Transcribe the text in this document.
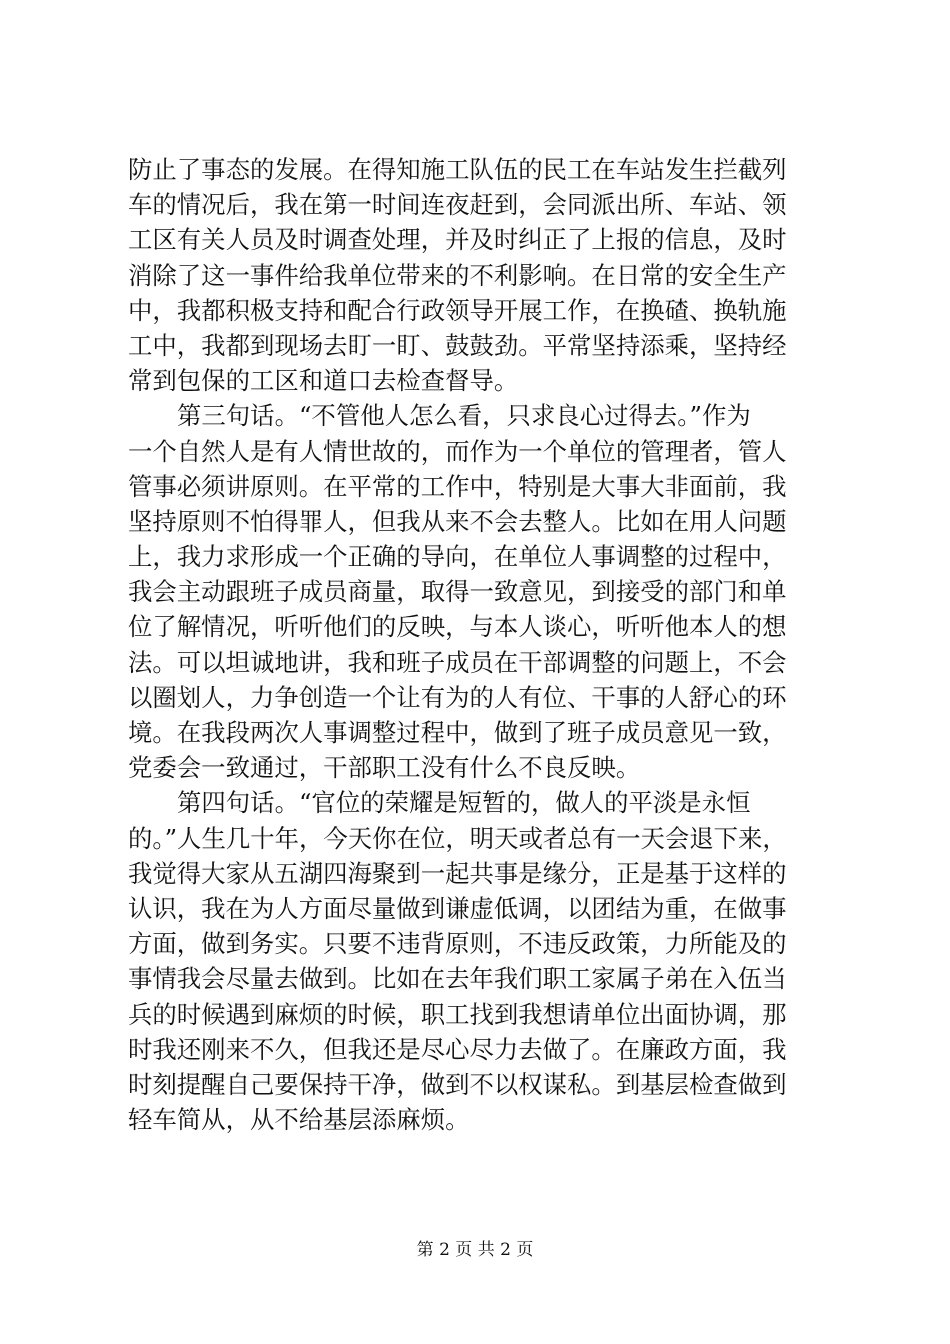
防止了事态的发展。在得知施工队伍的民工在车站发生拦截列
车的情况后，我在第一时间连夜赶到，会同派出所、车站、领
工区有关人员及时调查处理，并及时纠正了上报的信息，及时
消除了这一事件给我单位带来的不利影响。在日常的安全生产
中，我都积极支持和配合行政领导开展工作，在换碴、换轨施
工中，我都到现场去盯一盯、鼓鼓劲。平常坚持添乘，坚持经
常到包保的工区和道口去检查督导。
第三句话。“不管他人怎么看，只求良心过得去。”作为
一个自然人是有人情世故的，而作为一个单位的管理者，管人
管事必须讲原则。在平常的工作中，特别是大事大非面前，我
坚持原则不怕得罪人，但我从来不会去整人。比如在用人问题
上，我力求形成一个正确的导向，在单位人事调整的过程中，
我会主动跟班子成员商量，取得一致意见，到接受的部门和单
位了解情况，听听他们的反映，与本人谈心，听听他本人的想
法。可以坦诚地讲，我和班子成员在干部调整的问题上，不会
以圈划人，力争创造一个让有为的人有位、干事的人舒心的环
境。在我段两次人事调整过程中，做到了班子成员意见一致，
党委会一致通过，干部职工没有什么不良反映。
第四句话。“官位的荣耀是短暂的，做人的平淡是永恒
的。”人生几十年，今天你在位，明天或者总有一天会退下来，
我觉得大家从五湖四海聚到一起共事是缘分，正是基于这样的
认识，我在为人方面尽量做到谦虚低调，以团结为重，在做事
方面，做到务实。只要不违背原则，不违反政策，力所能及的
事情我会尽量去做到。比如在去年我们职工家属子弟在入伍当
兵的时候遇到麻烦的时候，职工找到我想请单位出面协调，那
时我还刚来不久，但我还是尽心尽力去做了。在廉政方面，我
时刻提醒自己要保持干净，做到不以权谋私。到基层检查做到
轻车简从，从不给基层添麻烦。
第 2 页 共 2 页
